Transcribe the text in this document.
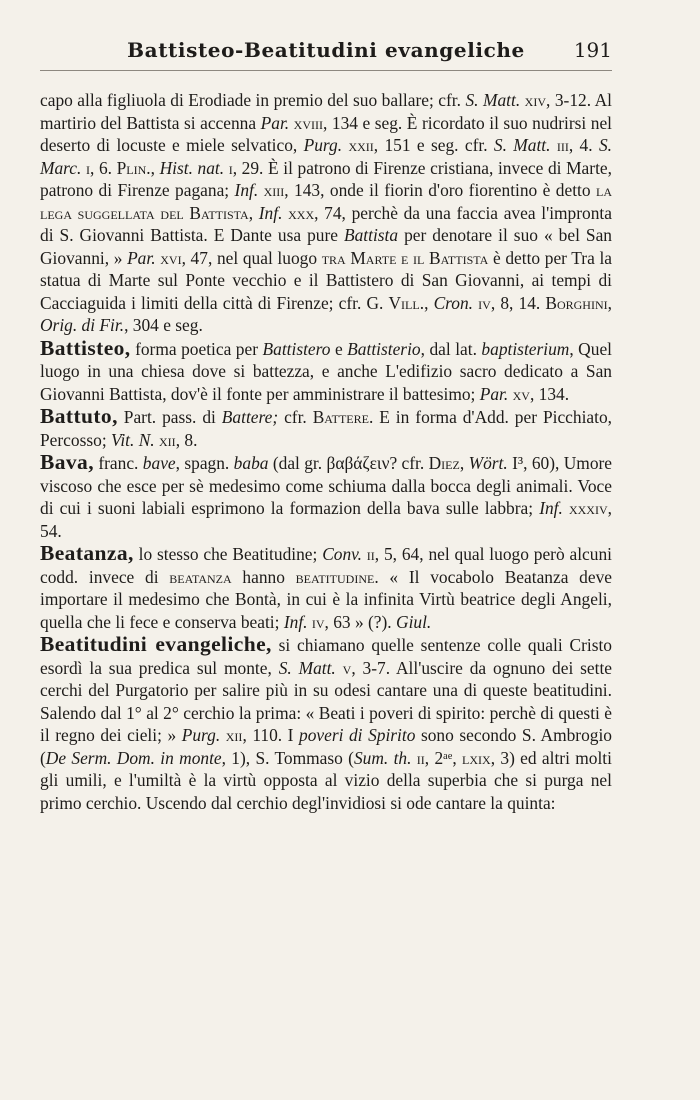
Battisteo-Beatitudini evangeliche	191

capo alla figliuola di Erodiade in premio del suo ballare; cfr. S. Matt. xiv, 3-12. Al martirio del Battista si accenna Par. xviii, 134 e seg. È ricordato il suo nudrirsi nel deserto di locuste e miele selvatico, Purg. xxii, 151 e seg. cfr. S. Matt. iii, 4. S. Marc. i, 6. Plin., Hist. nat. i, 29. È il patrono di Firenze cristiana, invece di Marte, patrono di Firenze pagana; Inf. xiii, 143, onde il fiorin d'oro fiorentino è detto la lega suggellata del Battista, Inf. xxx, 74, perchè da una faccia avea l'impronta di S. Giovanni Battista. E Dante usa pure Battista per denotare il suo « bel San Giovanni, » Par. xvi, 47, nel qual luogo tra Marte e il Battista è detto per Tra la statua di Marte sul Ponte vecchio e il Battistero di San Giovanni, ai tempi di Cacciaguida i limiti della città di Firenze; cfr. G. Vill., Cron. iv, 8, 14. Borghini, Orig. di Fir., 304 e seg.

Battisteo, forma poetica per Battistero e Battisterio, dal lat. baptisterium, Quel luogo in una chiesa dove si battezza, e anche L'edifizio sacro dedicato a San Giovanni Battista, dov'è il fonte per amministrare il battesimo; Par. xv, 134.

Battuto, Part. pass. di Battere; cfr. Battere. E in forma d'Add. per Picchiato, Percosso; Vit. N. xii, 8.

Bava, franc. bave, spagn. baba (dal gr. βαβάζειν? cfr. Diez, Wört. I³, 60), Umore viscoso che esce per sè medesimo come schiuma dalla bocca degli animali. Voce di cui i suoni labiali esprimono la formazion della bava sulle labbra; Inf. xxxiv, 54.

Beatanza, lo stesso che Beatitudine; Conv. ii, 5, 64, nel qual luogo però alcuni codd. invece di beatanza hanno beatitudine. « Il vocabolo Beatanza deve importare il medesimo che Bontà, in cui è la infinita Virtù beatrice degli Angeli, quella che li fece e conserva beati; Inf. iv, 63 » (?). Giul.

Beatitudini evangeliche, si chiamano quelle sentenze colle quali Cristo esordì la sua predica sul monte, S. Matt. v, 3-7. All'uscire da ognuno dei sette cerchi del Purgatorio per salire più in su odesi cantare una di queste beatitudini. Salendo dal 1° al 2° cerchio la prima: « Beati i poveri di spirito: perchè di questi è il regno dei cieli; » Purg. xii, 110. I poveri di Spirito sono secondo S. Ambrogio (De Serm. Dom. in monte, 1), S. Tommaso (Sum. th. ii, 2ᵃᵉ, lxix, 3) ed altri molti gli umili, e l'umiltà è la virtù opposta al vizio della superbia che si purga nel primo cerchio. Uscendo dal cerchio degl'invidiosi si ode cantare la quinta:
